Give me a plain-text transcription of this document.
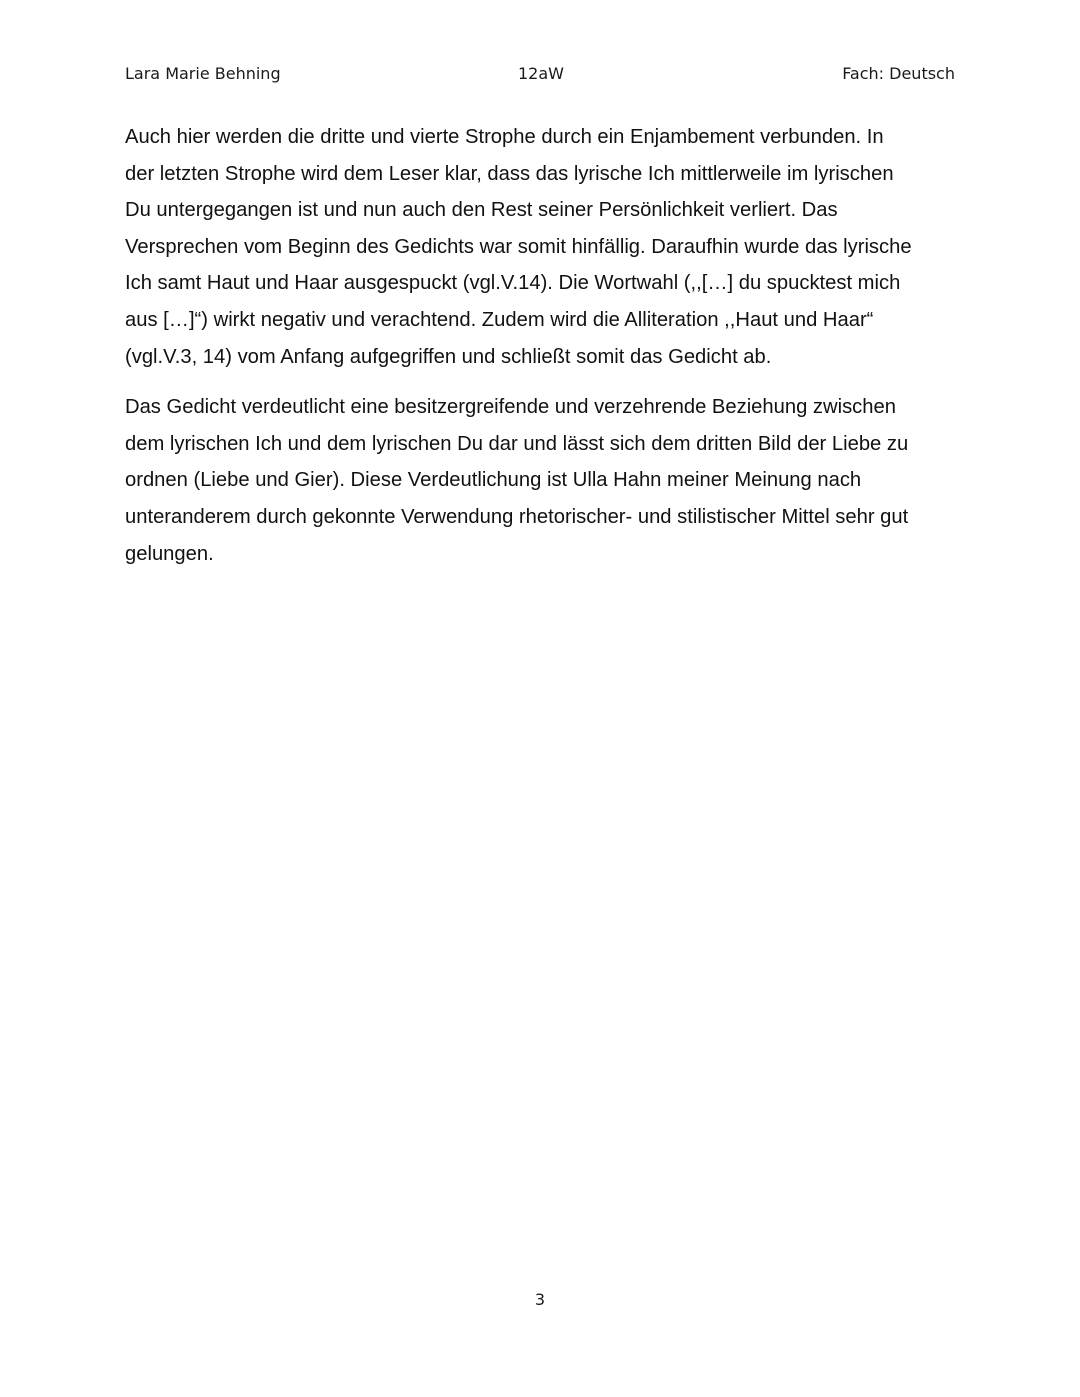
Lara Marie Behning	12aW	Fach: Deutsch

Auch hier werden die dritte und vierte Strophe durch ein Enjambement verbunden. In
der letzten Strophe wird dem Leser klar, dass das lyrische Ich mittlerweile im lyrischen
Du untergegangen ist und nun auch den Rest seiner Persönlichkeit verliert. Das
Versprechen vom Beginn des Gedichts war somit hinfällig. Daraufhin wurde das lyrische
Ich samt Haut und Haar ausgespuckt (vgl.V.14). Die Wortwahl (,,[…] du spucktest mich
aus […]“) wirkt negativ und verachtend. Zudem wird die Alliteration ,,Haut und Haar“
(vgl.V.3, 14) vom Anfang aufgegriffen und schließt somit das Gedicht ab.

Das Gedicht verdeutlicht eine besitzergreifende und verzehrende Beziehung zwischen
dem lyrischen Ich und dem lyrischen Du dar und lässt sich dem dritten Bild der Liebe zu
ordnen (Liebe und Gier). Diese Verdeutlichung ist Ulla Hahn meiner Meinung nach
unteranderem durch gekonnte Verwendung rhetorischer- und stilistischer Mittel sehr gut
gelungen.

3
